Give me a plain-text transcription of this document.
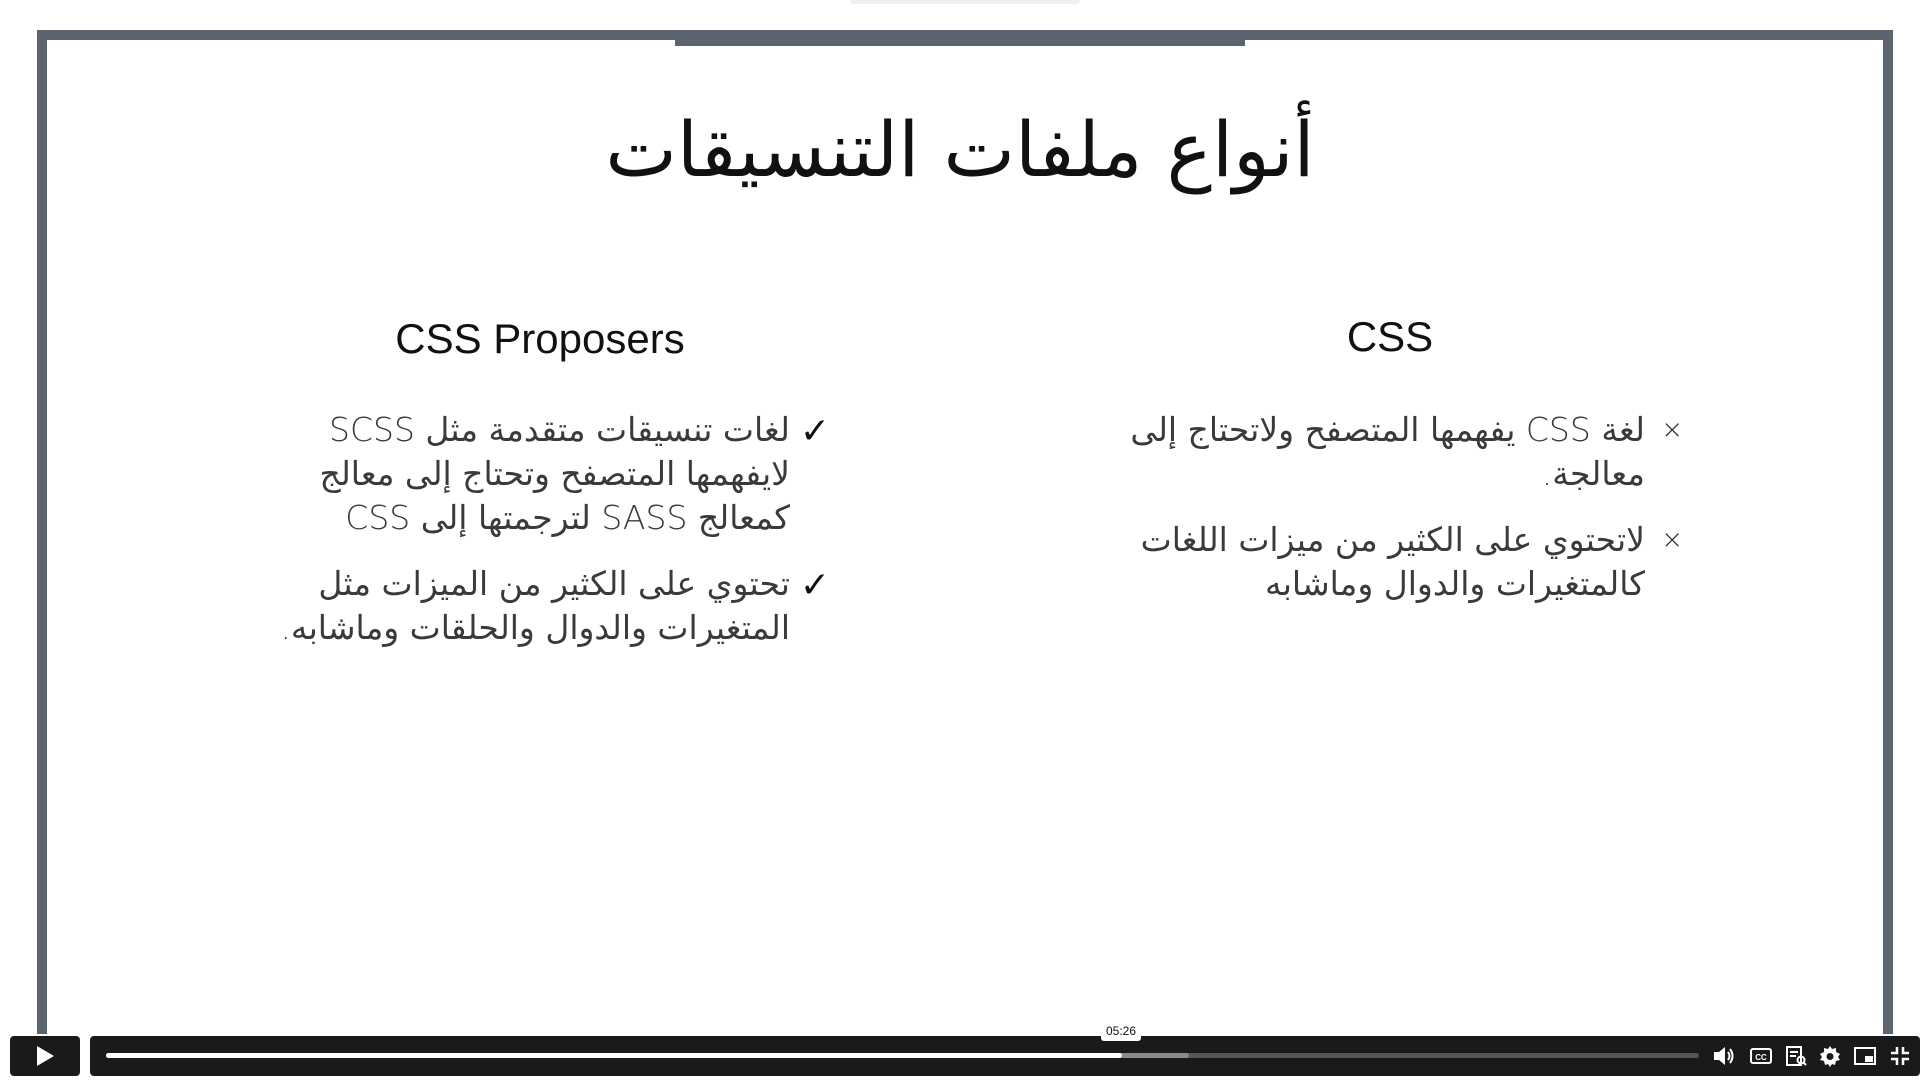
أنواع ملفات التنسيقات
CSS Proposers	CSS
✓
لغات تنسيقات متقدمة مثل SCSS لايفهمها المتصفح وتحتاج إلى معالج كمعالج SASS لترجمتها إلى CSS
✓
تحتوي على الكثير من الميزات مثل المتغيرات والدوال والحلقات وماشابه.
×
لغة CSS يفهمها المتصفح ولاتحتاج إلى معالجة.
×
لاتحتوي على الكثير من ميزات اللغات كالمتغيرات والدوال وماشابه
05:26
CC
